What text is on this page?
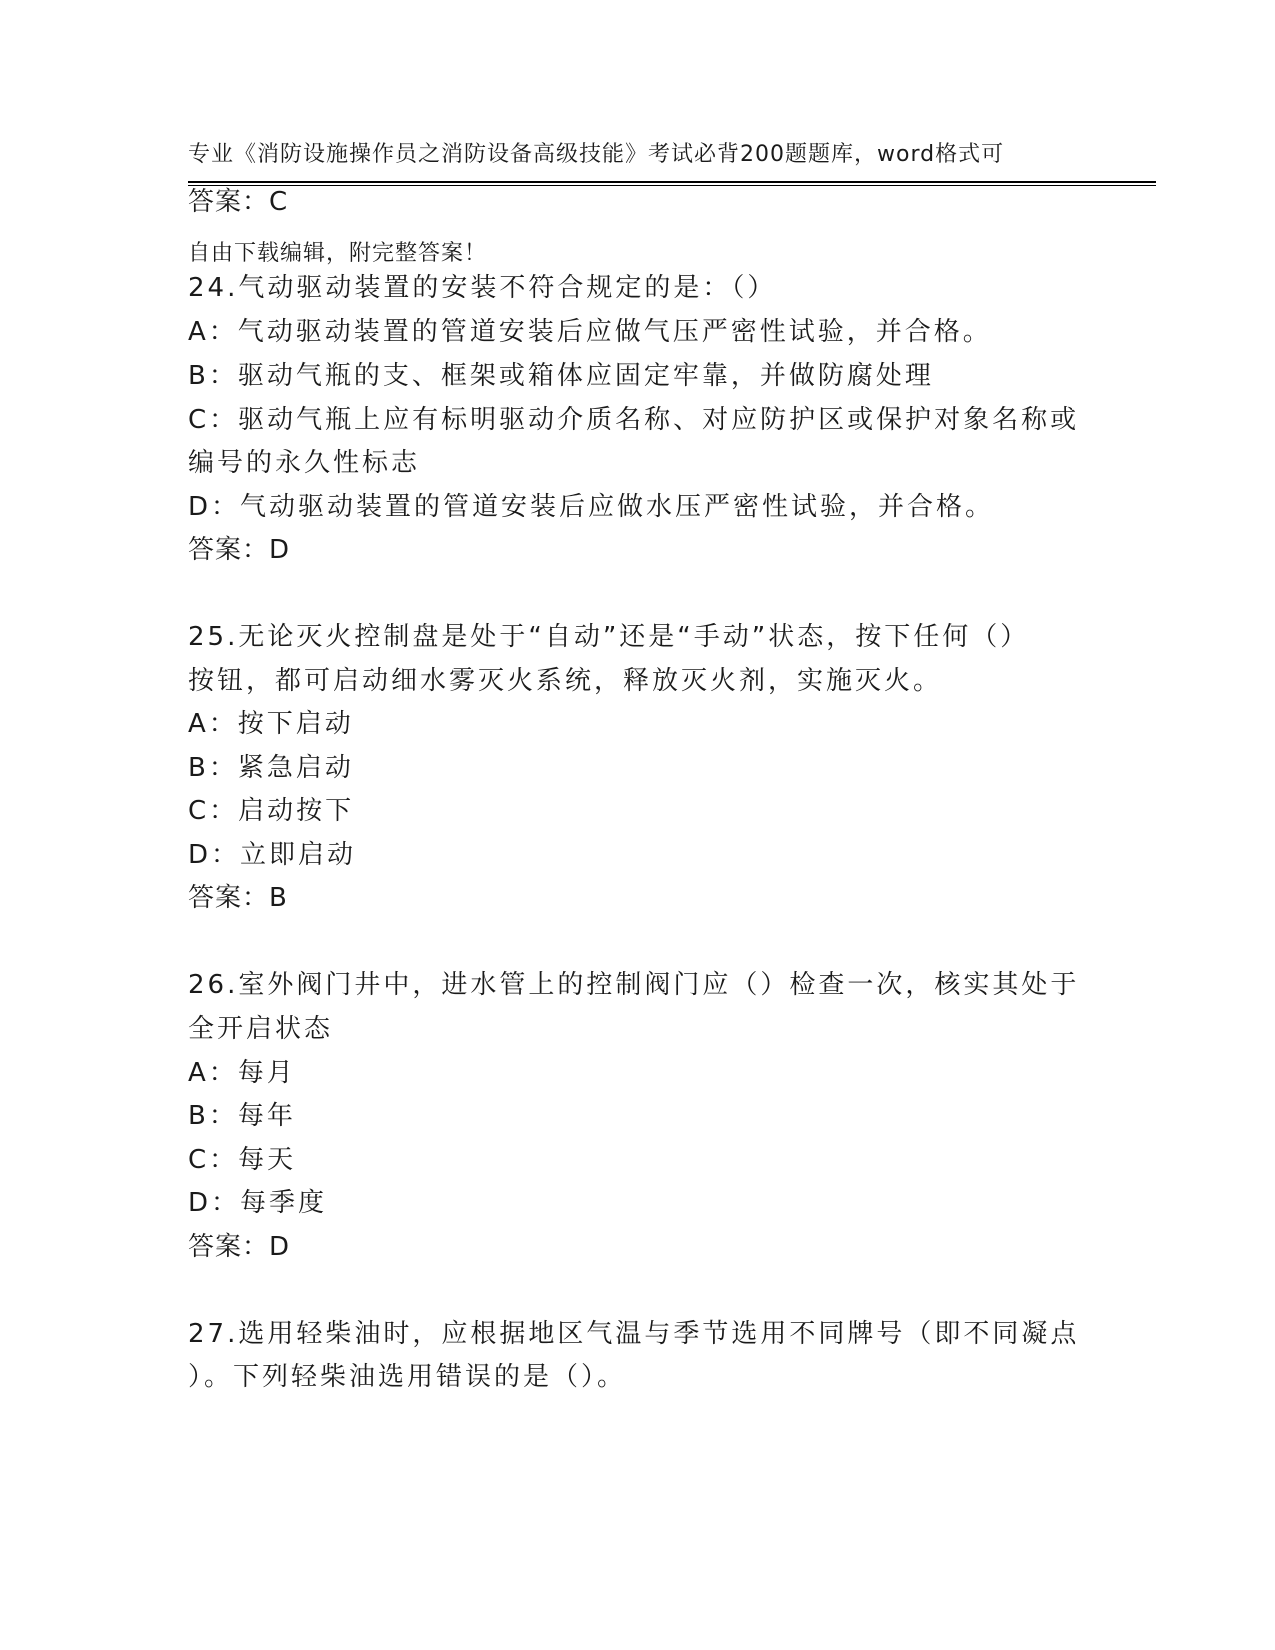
专业《消防设施操作员之消防设备高级技能》考试必背200题题库，word格式可

自由下载编辑，附完整答案！

答案：C
24.气动驱动装置的安装不符合规定的是：（）
A：气动驱动装置的管道安装后应做气压严密性试验，并合格。
B：驱动气瓶的支、框架或箱体应固定牢靠，并做防腐处理
C：驱动气瓶上应有标明驱动介质名称、对应防护区或保护对象名称或
编号的永久性标志
D：气动驱动装置的管道安装后应做水压严密性试验，并合格。
答案：D
25.无论灭火控制盘是处于“自动”还是“手动”状态，按下任何（）
按钮，都可启动细水雾灭火系统，释放灭火剂，实施灭火。
A：按下启动
B：紧急启动
C：启动按下
D：立即启动
答案：B
26.室外阀门井中，进水管上的控制阀门应（）检查一次，核实其处于
全开启状态
A：每月
B：每年
C：每天
D：每季度
答案：D
27.选用轻柴油时，应根据地区气温与季节选用不同牌号（即不同凝点
）。下列轻柴油选用错误的是（）。
